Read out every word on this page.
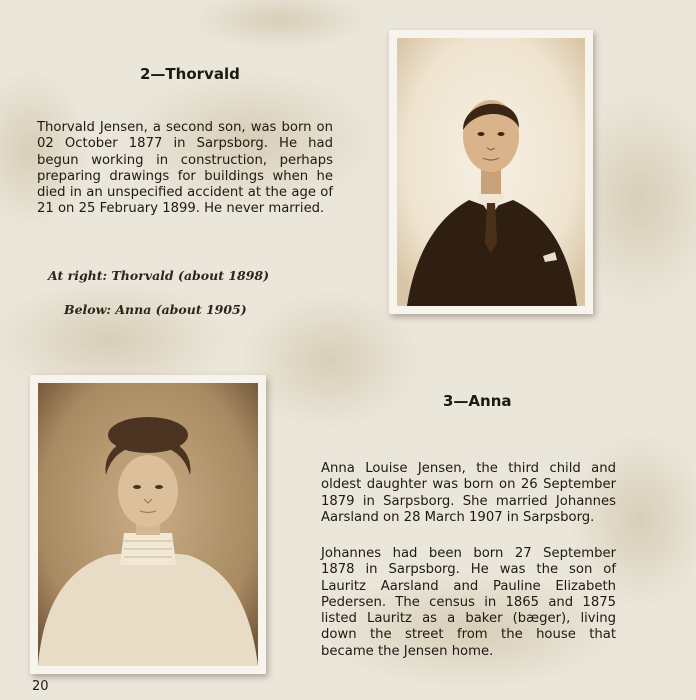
2—Thorvald

Thorvald Jensen, a second son, was born on 02 October 1877 in Sarpsborg. He had begun working in construction, perhaps preparing drawings for buildings when he died in an unspecified accident at the age of 21 on 25 February 1899. He never married.

At right: Thorvald (about 1898)
Below: Anna (about 1905)
3—Anna

Anna Louise Jensen, the third child and oldest daughter was born on 26 September 1879 in Sarpsborg. She married Johannes Aarsland on 28 March 1907 in Sarpsborg.

Johannes had been born 27 September 1878 in Sarpsborg. He was the son of Lauritz Aarsland and Pauline Elizabeth Pedersen. The census in 1865 and 1875 listed Lauritz as a baker (bæger), living down the street from the house that became the Jensen home.

20
